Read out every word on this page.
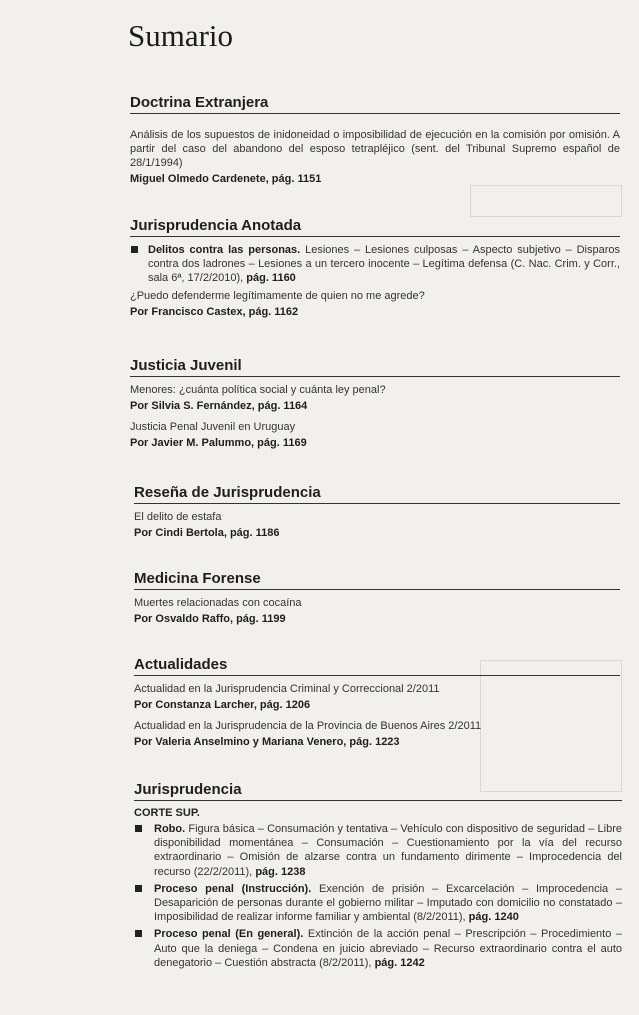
Sumario
Doctrina Extranjera

Análisis de los supuestos de inidoneidad o imposibilidad de ejecución en la comisión por omisión. A partir del caso del abandono del esposo tetrapléjico (sent. del Tribunal Supremo español de 28/1/1994)

Miguel Olmedo Cardenete, pág. 1151

Jurisprudencia Anotada
Delitos contra las personas. Lesiones – Lesiones culposas – Aspecto subjetivo – Disparos contra dos ladrones – Lesiones a un tercero inocente – Legítima defensa (C. Nac. Crim. y Corr., sala 6ª, 17/2/2010), pág. 1160

¿Puedo defenderme legítimamente de quien no me agrede?

Por Francisco Castex, pág. 1162

Justicia Juvenil

Menores: ¿cuánta política social y cuánta ley penal?

Por Silvia S. Fernández, pág. 1164

Justicia Penal Juvenil en Uruguay

Por Javier M. Palummo, pág. 1169

Reseña de Jurisprudencia

El delito de estafa

Por Cindi Bertola, pág. 1186

Medicina Forense

Muertes relacionadas con cocaína

Por Osvaldo Raffo, pág. 1199

Actualidades

Actualidad en la Jurisprudencia Criminal y Correccional 2/2011

Por Constanza Larcher, pág. 1206

Actualidad en la Jurisprudencia de la Provincia de Buenos Aires 2/2011

Por Valeria Anselmino y Mariana Venero, pág. 1223

Jurisprudencia

CORTE SUP.

Robo. Figura básica – Consumación y tentativa – Vehículo con dispositivo de seguridad – Libre disponibilidad momentánea – Consumación – Cuestionamiento por la vía del recurso extraordinario – Omisión de alzarse contra un fundamento dirimente – Improcedencia del recurso (22/2/2011), pág. 1238
Proceso penal (Instrucción). Exención de prisión – Excarcelación – Improcedencia – Desaparición de personas durante el gobierno militar – Imputado con domicilio no constatado – Imposibilidad de realizar informe familiar y ambiental (8/2/2011), pág. 1240
Proceso penal (En general). Extinción de la acción penal – Prescripción – Procedimiento – Auto que la deniega – Condena en juicio abreviado – Recurso extraordinario contra el auto denegatorio – Cuestión abstracta (8/2/2011), pág. 1242
